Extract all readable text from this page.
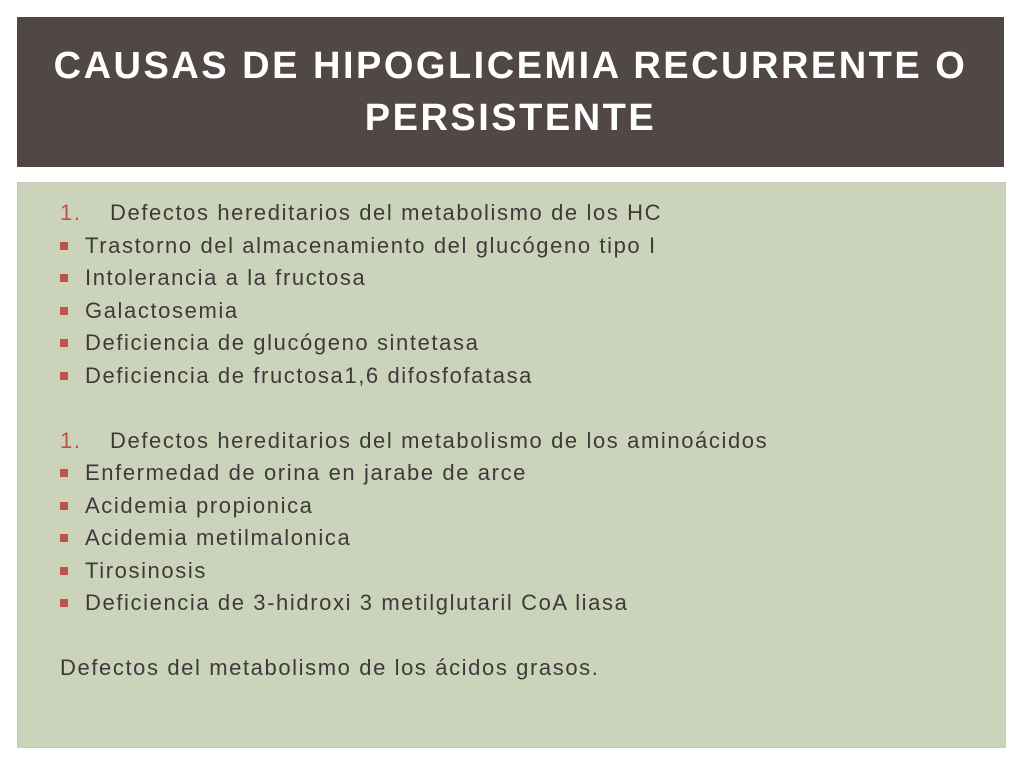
CAUSAS DE HIPOGLICEMIA RECURRENTE O PERSISTENTE
1. Defectos hereditarios del metabolismo de los HC
Trastorno del almacenamiento del glucógeno tipo I
Intolerancia a la fructosa
Galactosemia
Deficiencia de glucógeno sintetasa
Deficiencia de fructosa1,6 difosfofatasa
1. Defectos hereditarios del metabolismo de los aminoácidos
Enfermedad de orina en jarabe de arce
Acidemia propionica
Acidemia metilmalonica
Tirosinosis
Deficiencia de 3-hidroxi 3 metilglutaril CoA liasa
Defectos del metabolismo de los ácidos grasos.
